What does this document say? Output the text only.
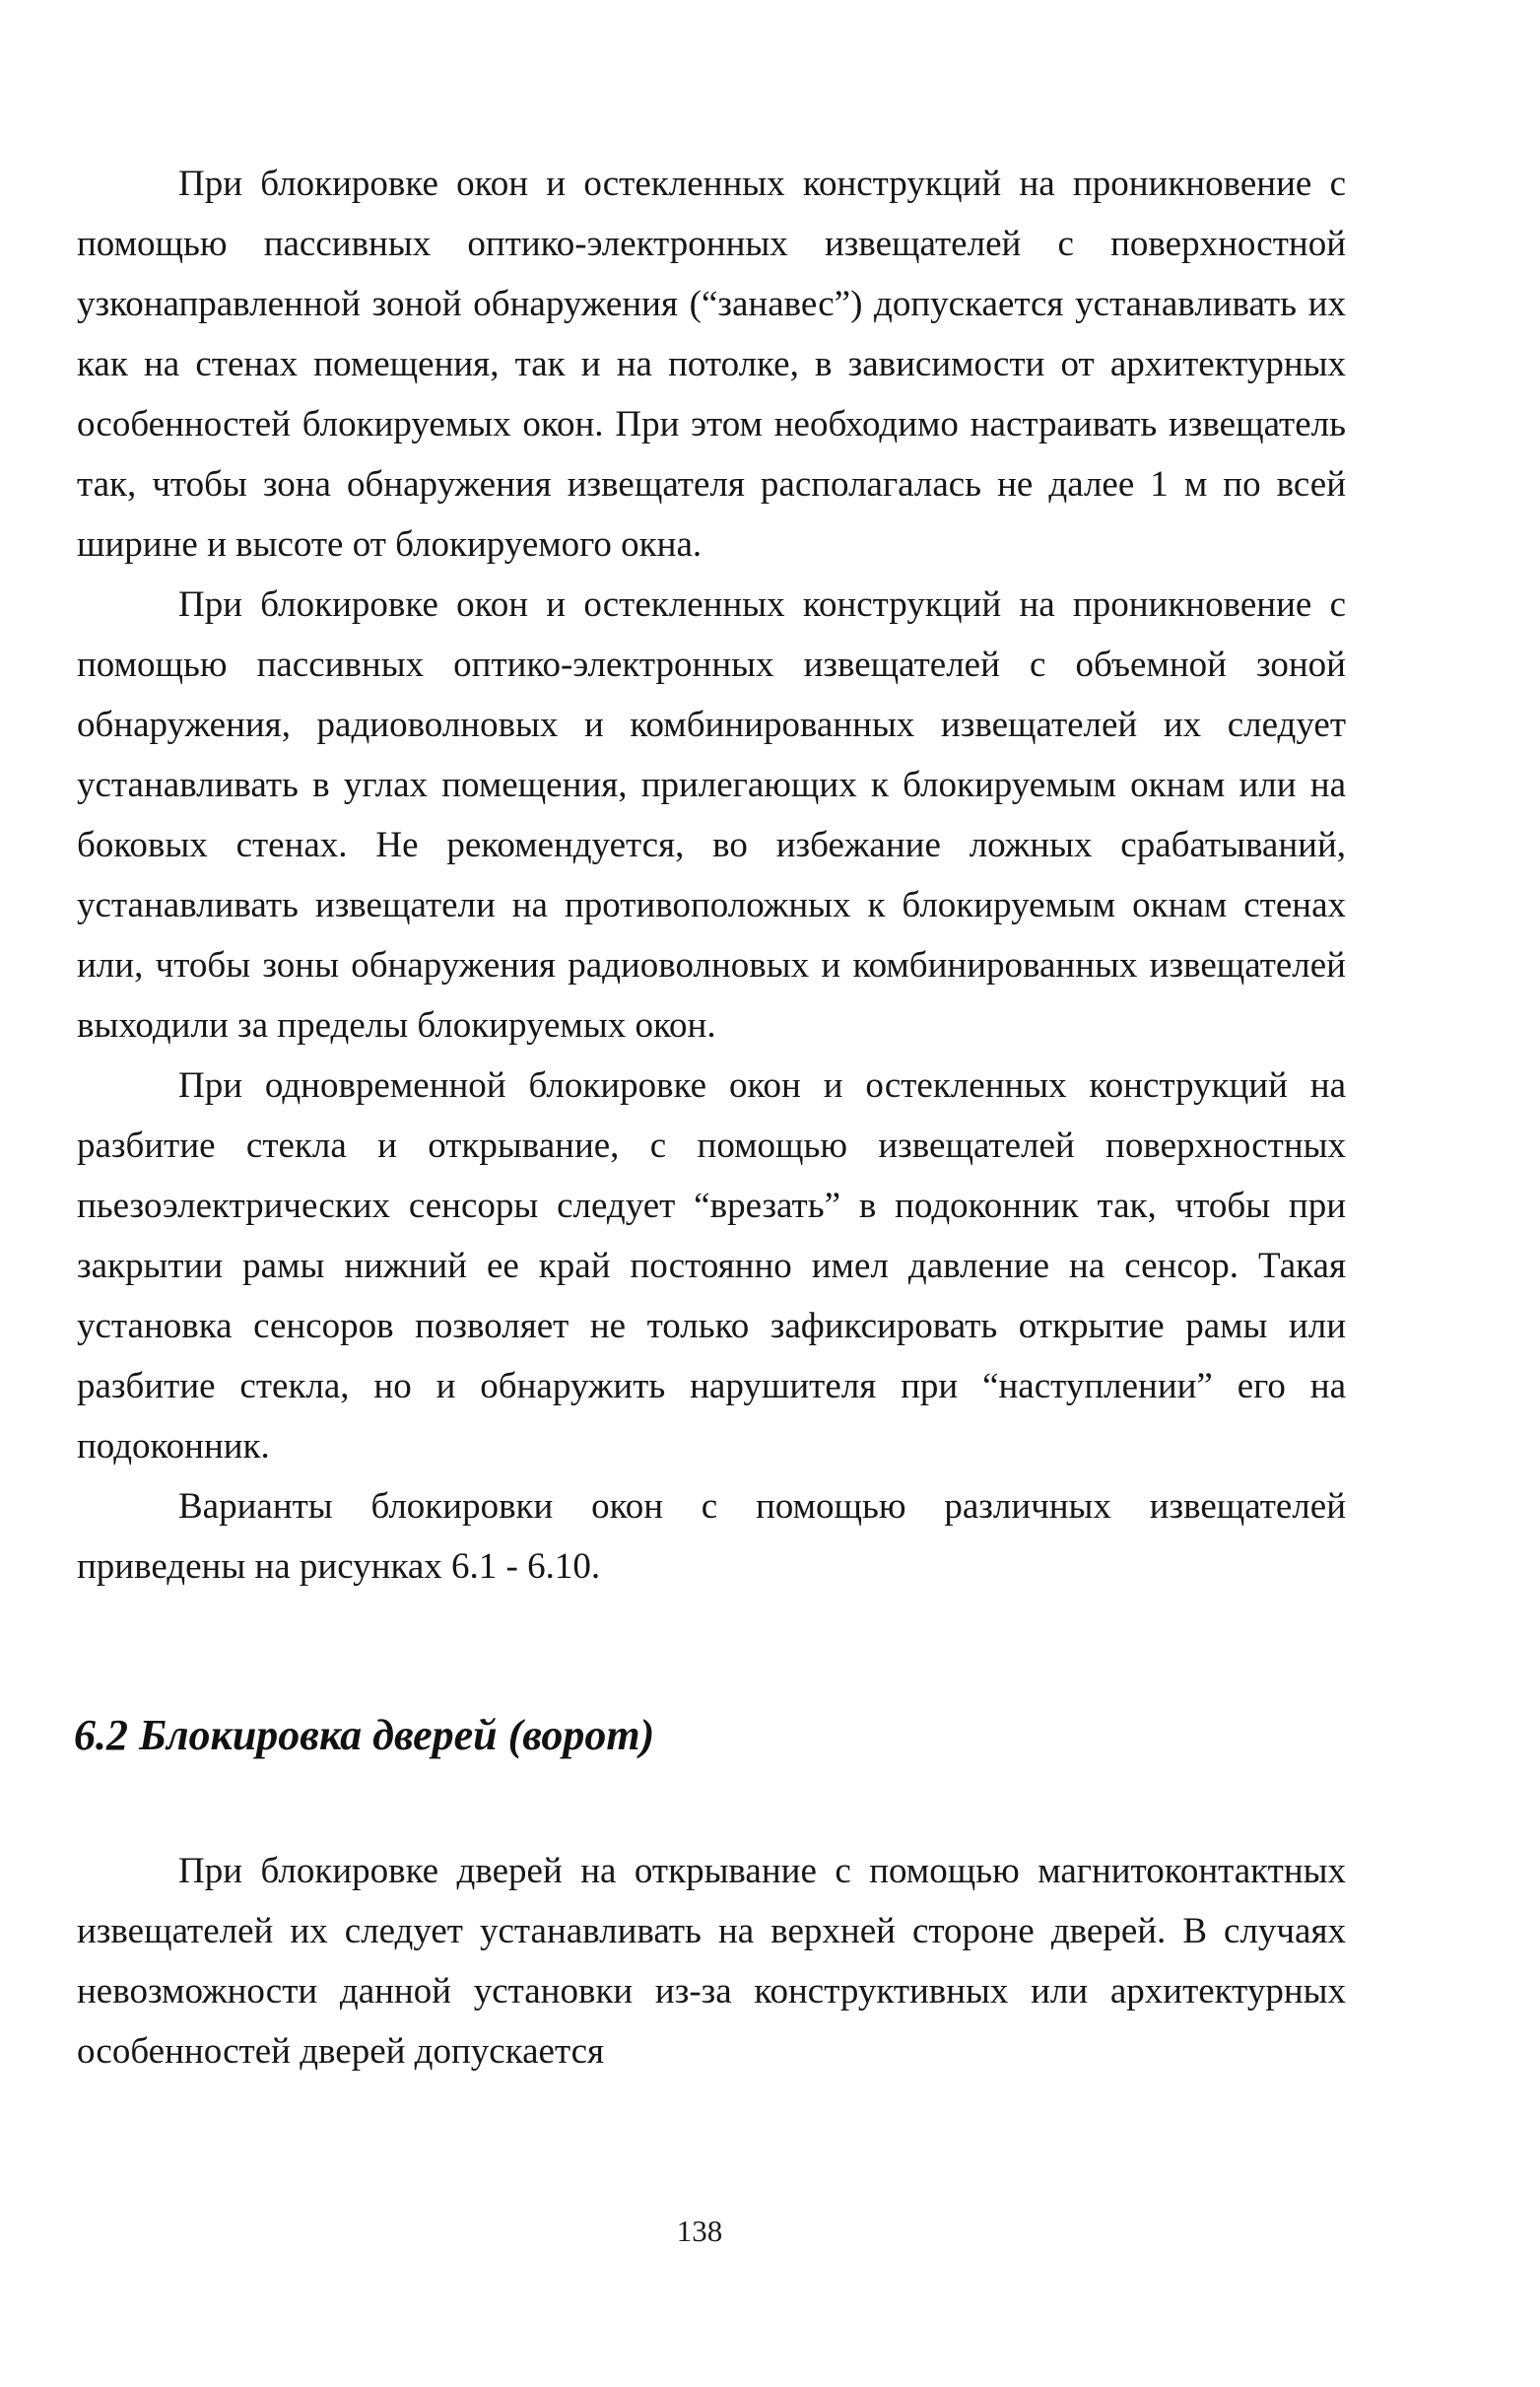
При блокировке окон и остекленных конструкций на проникновение с помощью пассивных оптико-электронных извещателей с поверхностной узконаправленной зоной обнаружения (“занавес”) допускается устанавливать их как на стенах помещения, так и на потолке, в зависимости от архитектурных особенностей блокируемых окон. При этом необходимо настраивать извещатель так, чтобы зона обнаружения извещателя располагалась не далее 1 м по всей ширине и высоте от блокируемого окна.

При блокировке окон и остекленных конструкций на проникновение с помощью пассивных оптико-электронных извещателей с объемной зоной обнаружения, радиоволновых и комбинированных извещателей их следует устанавливать в углах помещения, прилегающих к блокируемым окнам или на боковых стенах. Не рекомендуется, во избежание ложных срабатываний, устанавливать извещатели на противоположных к блокируемым окнам стенах или, чтобы зоны обнаружения радиоволновых и комбинированных извещателей выходили за пределы блокируемых окон.

При одновременной блокировке окон и остекленных конструкций на разбитие стекла и открывание, с помощью извещателей поверхностных пьезоэлектрических сенсоры следует “врезать” в подоконник так, чтобы при закрытии рамы нижний ее край постоянно имел давление на сенсор. Такая установка сенсоров позволяет не только зафиксировать открытие рамы или разбитие стекла, но и обнаружить нарушителя при “наступлении” его на подоконник.

Варианты блокировки окон с помощью различных извещателей приведены на рисунках 6.1 - 6.10.

6.2 Блокировка дверей (ворот)

При блокировке дверей на открывание с помощью магнитоконтактных извещателей их следует устанавливать на верхней стороне дверей. В случаях невозможности данной установки из-за конструктивных или архитектурных особенностей дверей допускается

138
